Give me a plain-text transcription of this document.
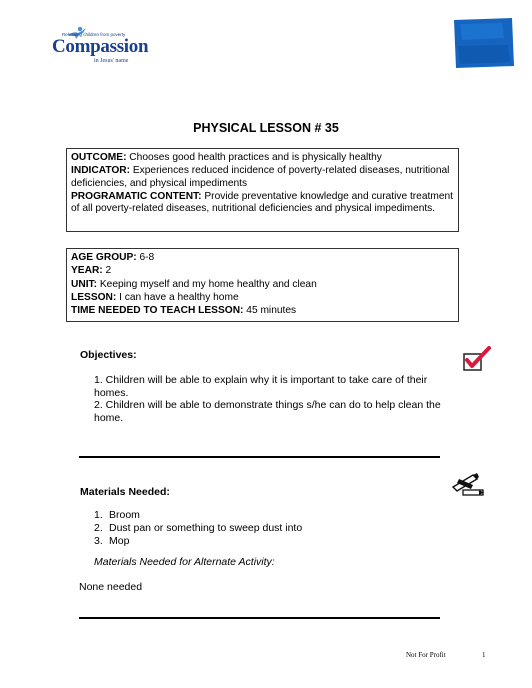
Releasing children from poverty
Compassion
in Jesus' name
PHYSICAL LESSON # 35

OUTCOME: Chooses good health practices and is physically healthy

INDICATOR: Experiences reduced incidence of poverty-related diseases, nutritional deficiencies, and physical impediments

PROGRAMATIC CONTENT: Provide preventative knowledge and curative treatment of all poverty-related diseases, nutritional deficiencies and physical impediments.

AGE GROUP: 6-8

YEAR: 2

UNIT: Keeping myself and my home healthy and clean

LESSON: I can have a healthy home

TIME NEEDED TO TEACH LESSON: 45 minutes

Objectives:
1. Children will be able to explain why it is important to take care of their homes.
2. Children will be able to demonstrate things s/he can do to help clean the home.
Materials Needed:
1. Broom
2. Dust pan or something to sweep dust into
3. Mop
Materials Needed for Alternate Activity:
None needed
Not For Profit	1
